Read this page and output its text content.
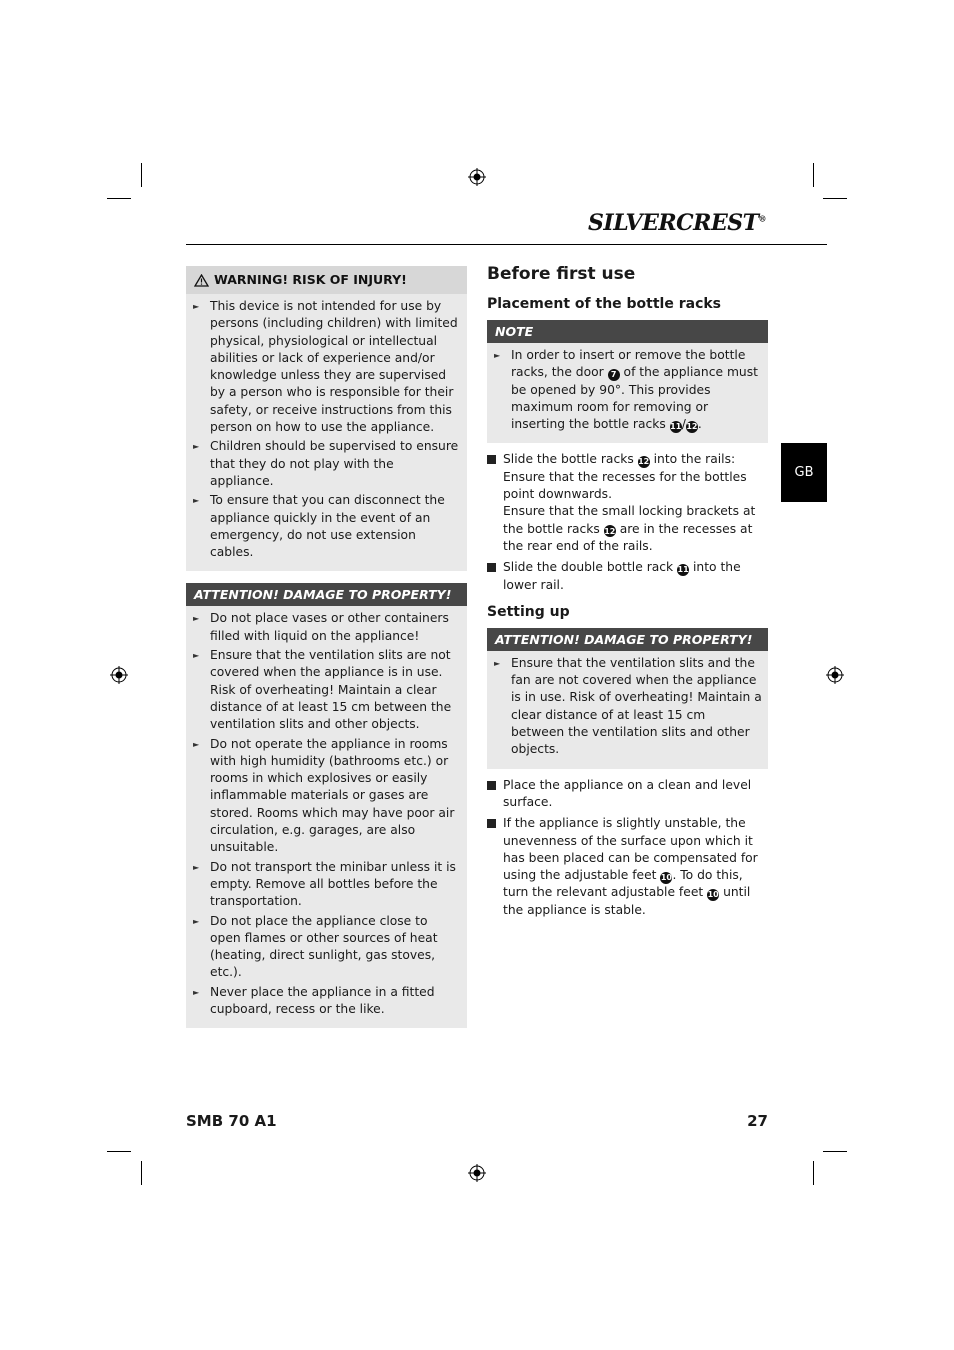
SILVERCREST®
GB
WARNING! RISK OF INJURY!
► This device is not intended for use by persons (including children) with limited physical, physiological or intellectual abilities or lack of experience and/or knowledge unless they are supervised by a person who is responsible for their safety, or receive instructions from this person on how to use the appliance.
► Children should be supervised to ensure that they do not play with the appliance.
► To ensure that you can disconnect the appliance quickly in the event of an emergency, do not use extension cables.
ATTENTION! DAMAGE TO PROPERTY!
► Do not place vases or other containers filled with liquid on the appliance!
► Ensure that the ventilation slits are not covered when the appliance is in use. Risk of overheating! Maintain a clear distance of at least 15 cm between the ventilation slits and other objects.
► Do not operate the appliance in rooms with high humidity (bathrooms etc.) or rooms in which explosives or easily inflammable materials or gases are stored. Rooms which may have poor air circulation, e.g. garages, are also unsuitable.
► Do not transport the minibar unless it is empty. Remove all bottles before the transportation.
► Do not place the appliance close to open flames or other sources of heat (heating, direct sunlight, gas stoves, etc.).
► Never place the appliance in a fitted cupboard, recess or the like.
Before first use
Placement of the bottle racks
NOTE
► In order to insert or remove the bottle racks, the door 7 of the appliance must be opened by 90°. This provides maximum room for removing or inserting the bottle racks 11/12.
Slide the bottle racks 12 into the rails:
Ensure that the recesses for the bottles point downwards.
Ensure that the small locking brackets at the bottle racks 12 are in the recesses at the rear end of the rails.
Slide the double bottle rack 11 into the lower rail.
Setting up
ATTENTION! DAMAGE TO PROPERTY!
► Ensure that the ventilation slits and the fan are not covered when the appliance is in use. Risk of overheating! Maintain a clear distance of at least 15 cm between the ventilation slits and other objects.
Place the appliance on a clean and level surface.
If the appliance is slightly unstable, the unevenness of the surface upon which it has been placed can be compensated for using the adjustable feet 10. To do this, turn the relevant adjustable feet 10 until the appliance is stable.
SMB 70 A1	27
